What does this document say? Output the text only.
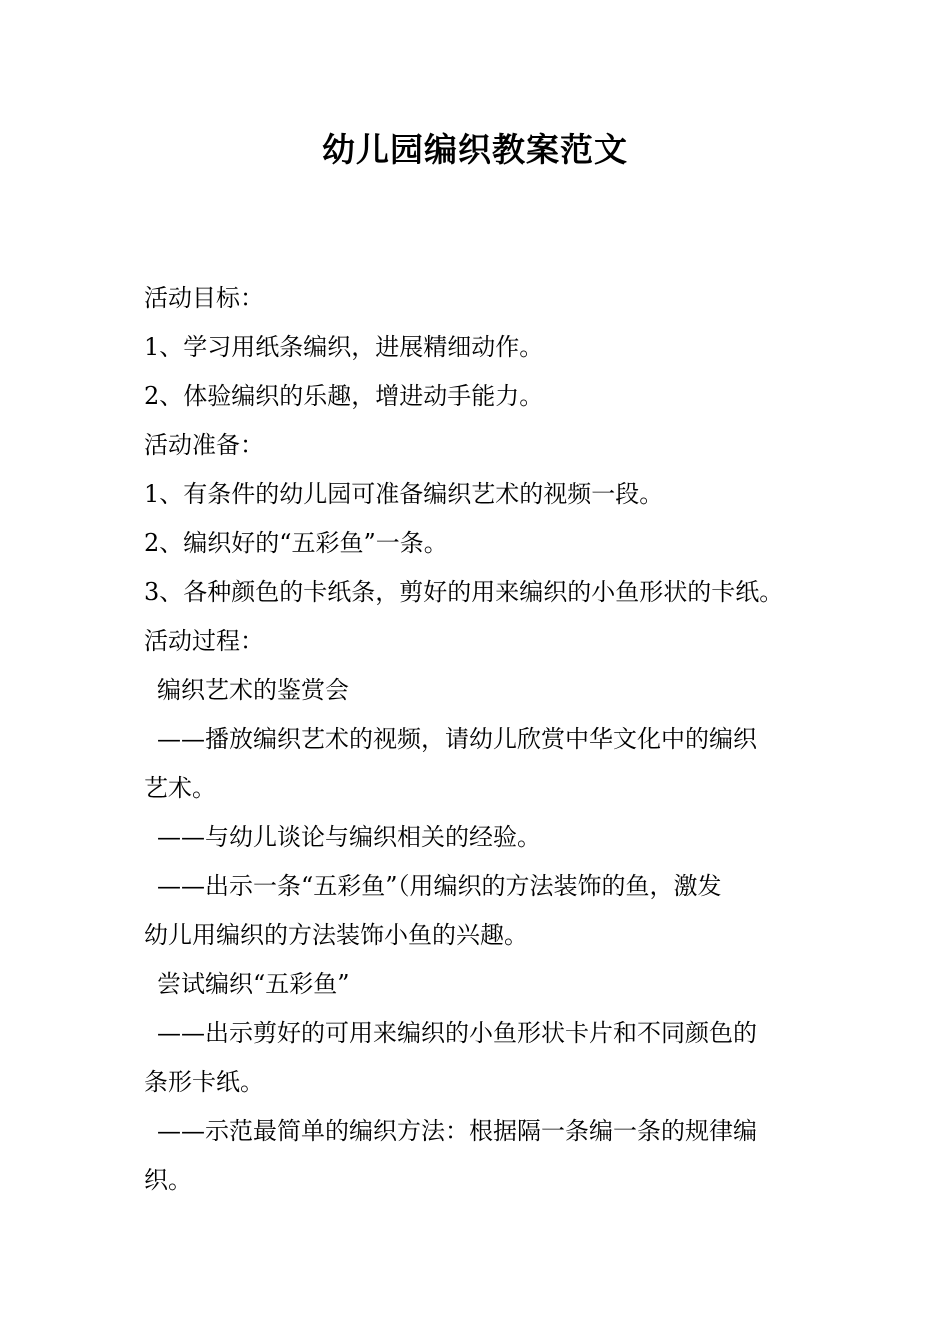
幼儿园编织教案范文

活动目标：

1、学习用纸条编织，进展精细动作。

2、体验编织的乐趣，增进动手能力。

活动准备：

1、有条件的幼儿园可准备编织艺术的视频一段。

2、编织好的“五彩鱼”一条。

3、各种颜色的卡纸条，剪好的用来编织的小鱼形状的卡纸。

活动过程：

编织艺术的鉴赏会

——播放编织艺术的视频，请幼儿欣赏中华文化中的编织

艺术。

——与幼儿谈论与编织相关的经验。

——出示一条“五彩鱼”（用编织的方法装饰的鱼，激发

幼儿用编织的方法装饰小鱼的兴趣。

尝试编织“五彩鱼”

——出示剪好的可用来编织的小鱼形状卡片和不同颜色的

条形卡纸。

——示范最简单的编织方法：根据隔一条编一条的规律编

织。
